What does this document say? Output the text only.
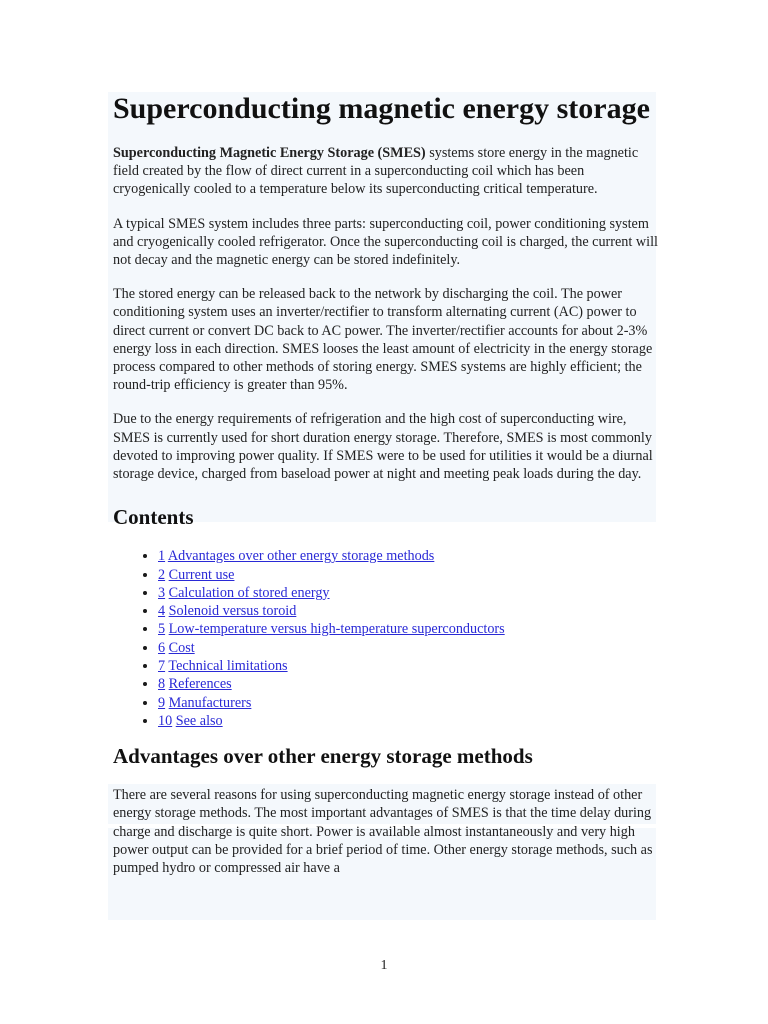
Superconducting magnetic energy storage

Superconducting Magnetic Energy Storage (SMES) systems store energy in the magnetic field created by the flow of direct current in a superconducting coil which has been cryogenically cooled to a temperature below its superconducting critical temperature.

A typical SMES system includes three parts: superconducting coil, power conditioning system and cryogenically cooled refrigerator. Once the superconducting coil is charged, the current will not decay and the magnetic energy can be stored indefinitely.

The stored energy can be released back to the network by discharging the coil. The power conditioning system uses an inverter/rectifier to transform alternating current (AC) power to direct current or convert DC back to AC power. The inverter/rectifier accounts for about 2-3% energy loss in each direction. SMES looses the least amount of electricity in the energy storage process compared to other methods of storing energy. SMES systems are highly efficient; the round-trip efficiency is greater than 95%.

Due to the energy requirements of refrigeration and the high cost of superconducting wire, SMES is currently used for short duration energy storage. Therefore, SMES is most commonly devoted to improving power quality. If SMES were to be used for utilities it would be a diurnal storage device, charged from baseload power at night and meeting peak loads during the day.

Contents
• 1 Advantages over other energy storage methods
• 2 Current use
• 3 Calculation of stored energy
• 4 Solenoid versus toroid
• 5 Low-temperature versus high-temperature superconductors
• 6 Cost
• 7 Technical limitations
• 8 References
• 9 Manufacturers
• 10 See also
Advantages over other energy storage methods

There are several reasons for using superconducting magnetic energy storage instead of other energy storage methods. The most important advantages of SMES is that the time delay during charge and discharge is quite short. Power is available almost instantaneously and very high power output can be provided for a brief period of time. Other energy storage methods, such as pumped hydro or compressed air have a

1
